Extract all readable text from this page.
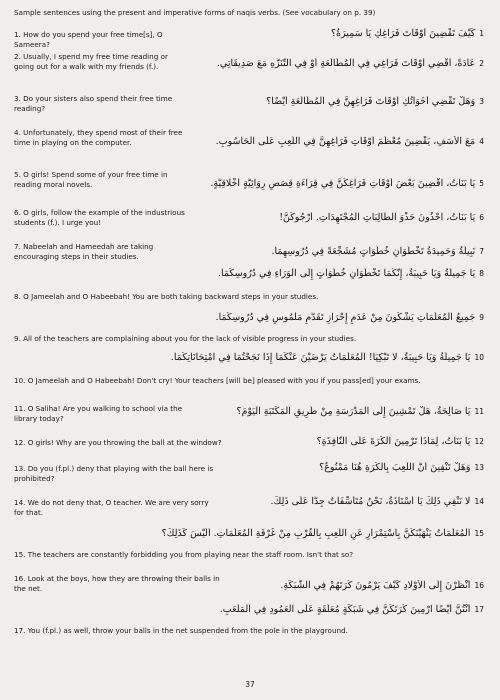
Sample sentences using the present and imperative forms of naqis verbs. (See vocabulary on p. 39)
1. How do you spend your free time[s], O Sameera?
1كَيْفَ تَقْضِينَ أَوْقَاتَ فَرَاغِكِ يَا سَمِيرَةُ؟
2. Usually, I spend my free time reading or going out for a walk with my friends (f.).	2عَادَةً، أَقْضِي أَوْقَاتَ فَرَاغِي فِي الْمُطَالَعَةِ أَوْ فِي التَّنَزُّهِ مَعَ صَدِيقَاتِي.
3. Do your sisters also spend their free time reading?
3وَهَلْ تَقْضِي أَخَوَاتُكِ أَوْقَاتَ فَرَاغِهِنَّ فِي الْمُطَالَعَةِ أَيْضًا؟
4. Unfortunately, they spend most of their free time in playing on the computer.	4مَعَ الأَسَفِ، يَقْضِينَ مُعْظَمَ أَوْقَاتِ فَرَاغِهِنَّ فِي اللَّعِبِ عَلَى الْحَاسُوبِ.
5. O girls! Spend some of your free time in reading moral novels.	5يَا بَنَاتُ، اقْضِينَ بَعْضَ أَوْقَاتِ فَرَاغِكُنَّ فِي قِرَاءَةِ قِصَصٍ رِوَائِيَّةٍ أَخْلاقِيَّةٍ.
6. O girls, follow the example of the industrious students (f.). I urge you!
6يَا بَنَاتُ، احْذُونَ حَذْوَ الطَّالِبَاتِ الْمُجْتَهِدَاتِ. أَرْجُوكُنَّ!
7. Nabeelah and Hameedah are taking encouraging steps in their studies.
7نَبِيلَةُ وَحَمِيدَةُ تَخْطُوَانِ خُطُوَاتٍ مُشَجِّعَةً فِي دُرُوسِهِمَا.
8يَا جَمِيلَةُ وَيَا حَبِيبَةُ، إِنَّكُمَا تَخْطُوَانِ خُطُوَاتٍ إِلَى الْوَرَاءِ فِي دُرُوسِكُمَا.
8. O Jameelah and O Habeebah! You are both taking backward steps in your studies.
9جَمِيعُ الْمُعَلِّمَاتِ يَشْكُونَ مِنْ عَدَمِ إِحْرَازِ تَقَدُّمٍ مَلْمُوسٍ فِي دُرُوسِكُمَا.
9. All of the teachers are complaining about you for the lack of visible progress in your studies.
10يَا جَمِيلَةُ وَيَا حَبِيبَةُ، لا تَبْكِيَا! الْمُعَلِّمَاتُ يَرْضَيْنَ عَنْكُمَا إِذَا نَجَحْتُمَا فِي امْتِحَانَاتِكُمَا.
10. O Jameelah and O Habeebah! Don't cry! Your teachers [will be] pleased with you if you pass[ed] your exams.
11. O Saliha! Are you walking to school via the library today?
11يَا صَالِحَةُ، هَلْ تَمْشِينَ إِلَى الْمَدْرَسَةِ مِنْ طَرِيقِ الْمَكْتَبَةِ الْيَوْمَ؟
12. O girls! Why are you throwing the ball at the window?	12يَا بَنَاتُ، لِمَاذَا تَرْمِينَ الْكُرَةَ عَلَى النَّافِذَةِ؟
13. Do you (f.pl.) deny that playing with the ball here is prohibited?
13وَهَلْ تَنْفِينَ أَنَّ اللَّعِبَ بِالْكُرَةِ هُنَا مَمْنُوعٌ؟
14. We do not deny that, O teacher. We are very sorry for that.
14لا نَنْفِي ذَلِكَ يَا أُسْتَاذَةُ، نَحْنُ مُتَأَسِّفَاتٌ جِدًّا عَلَى ذَلِكَ.
15الْمُعَلِّمَاتُ يَنْهَيْنَكُنَّ بِاسْتِمْرَارٍ عَنِ اللَّعِبِ بِالْقُرْبِ مِنْ غُرْفَةِ الْمُعَلِّمَاتِ. أَلَيْسَ كَذَلِكَ؟
15. The teachers are constantly forbidding you from playing near the staff room. Isn't that so?
16. Look at the boys, how they are throwing their balls in the net.	16أُنْظُرْنَ إِلَى الأَوْلادِ كَيْفَ يَرْمُونَ كُرَتَهُمْ فِي الشَّبَكَةِ.
17أَنْتُنَّ أَيْضًا ارْمِينَ كُرَتَكُنَّ فِي شَبَكَةٍ مُعَلَّقَةٍ عَلَى الْعَمُودِ فِي الْمَلْعَبِ.
17. You (f.pl.) as well, throw your balls in the net suspended from the pole in the playground.
37
